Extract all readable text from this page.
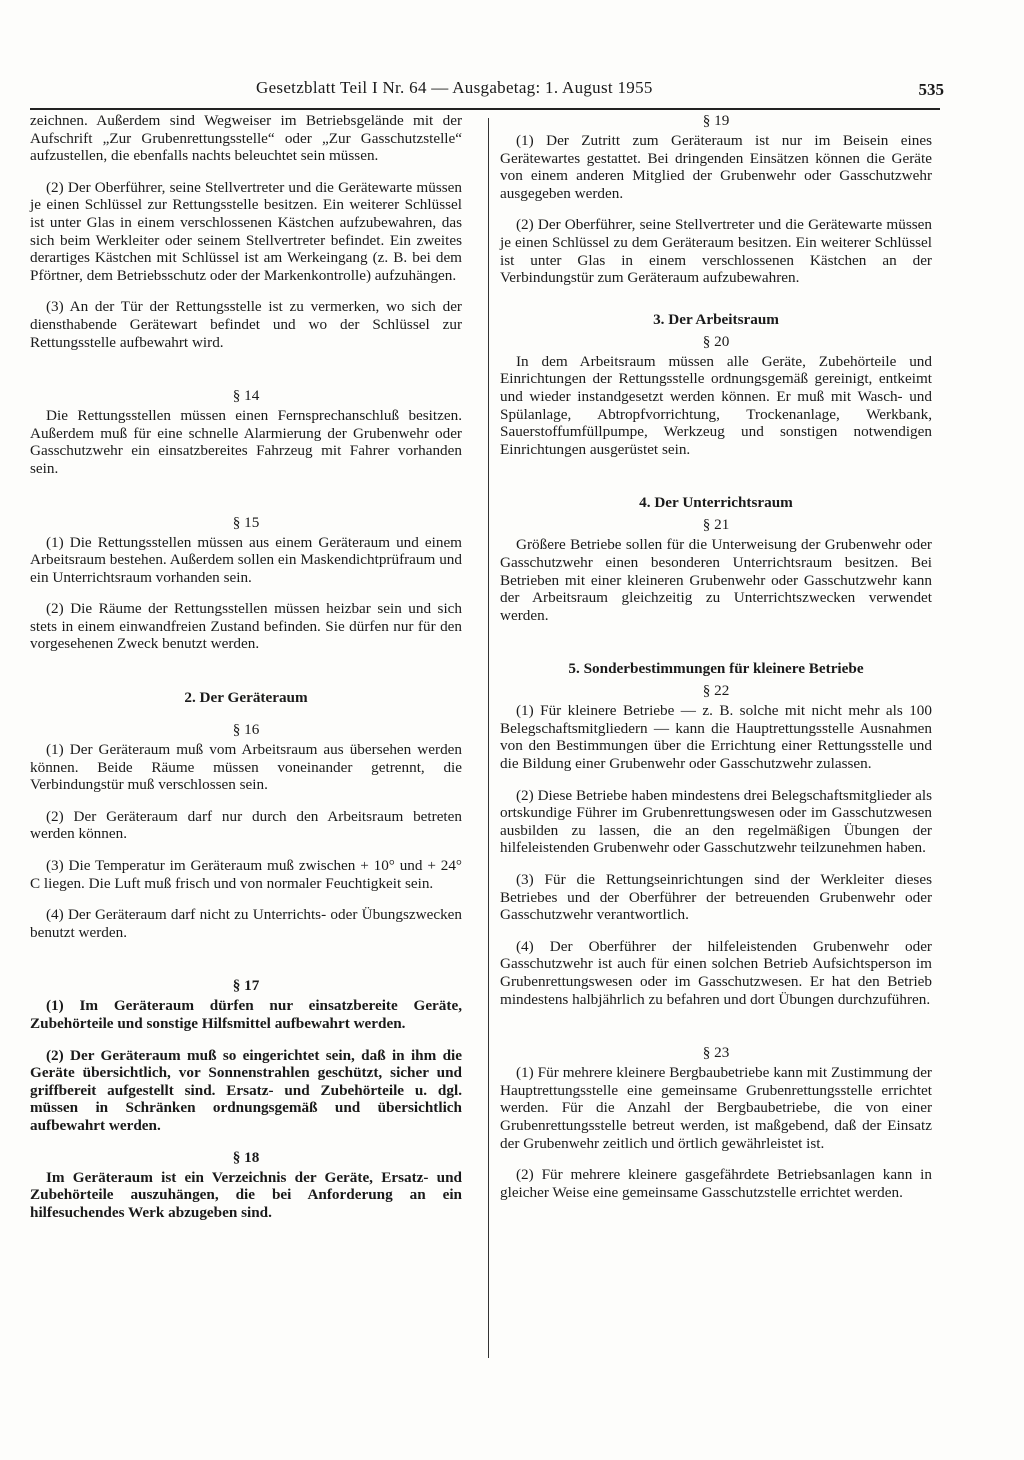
Gesetzblatt Teil I Nr. 64 — Ausgabetag: 1. August 1955	535

zeichnen. Außerdem sind Wegweiser im Betriebsgelände mit der Aufschrift „Zur Grubenrettungsstelle“ oder „Zur Gasschutzstelle“ aufzustellen, die ebenfalls nachts beleuchtet sein müssen.

(2) Der Oberführer, seine Stellvertreter und die Gerätewarte müssen je einen Schlüssel zur Rettungsstelle besitzen. Ein weiterer Schlüssel ist unter Glas in einem verschlossenen Kästchen aufzubewahren, das sich beim Werkleiter oder seinem Stellvertreter befindet. Ein zweites derartiges Kästchen mit Schlüssel ist am Werkeingang (z. B. bei dem Pförtner, dem Betriebsschutz oder der Markenkontrolle) aufzuhängen.

(3) An der Tür der Rettungsstelle ist zu vermerken, wo sich der diensthabende Gerätewart befindet und wo der Schlüssel zur Rettungsstelle aufbewahrt wird.

§ 14

Die Rettungsstellen müssen einen Fernsprechanschluß besitzen. Außerdem muß für eine schnelle Alarmierung der Grubenwehr oder Gasschutzwehr ein einsatzbereites Fahrzeug mit Fahrer vorhanden sein.

§ 15

(1) Die Rettungsstellen müssen aus einem Geräteraum und einem Arbeitsraum bestehen. Außerdem sollen ein Maskendichtprüfraum und ein Unterrichtsraum vorhanden sein.

(2) Die Räume der Rettungsstellen müssen heizbar sein und sich stets in einem einwandfreien Zustand befinden. Sie dürfen nur für den vorgesehenen Zweck benutzt werden.

2. Der Geräteraum
§ 16

(1) Der Geräteraum muß vom Arbeitsraum aus übersehen werden können. Beide Räume müssen voneinander getrennt, die Verbindungstür muß verschlossen sein.

(2) Der Geräteraum darf nur durch den Arbeitsraum betreten werden können.

(3) Die Temperatur im Geräteraum muß zwischen + 10° und + 24° C liegen. Die Luft muß frisch und von normaler Feuchtigkeit sein.

(4) Der Geräteraum darf nicht zu Unterrichts- oder Übungszwecken benutzt werden.

§ 17

(1) Im Geräteraum dürfen nur einsatzbereite Geräte, Zubehörteile und sonstige Hilfsmittel aufbewahrt werden.

(2) Der Geräteraum muß so eingerichtet sein, daß in ihm die Geräte übersichtlich, vor Sonnenstrahlen geschützt, sicher und griffbereit aufgestellt sind. Ersatz- und Zubehörteile u. dgl. müssen in Schränken ordnungsgemäß und übersichtlich aufbewahrt werden.

§ 18

Im Geräteraum ist ein Verzeichnis der Geräte, Ersatz- und Zubehörteile auszuhängen, die bei Anforderung an ein hilfesuchendes Werk abzugeben sind.

§ 19

(1) Der Zutritt zum Geräteraum ist nur im Beisein eines Gerätewartes gestattet. Bei dringenden Einsätzen können die Geräte von einem anderen Mitglied der Grubenwehr oder Gasschutzwehr ausgegeben werden.

(2) Der Oberführer, seine Stellvertreter und die Gerätewarte müssen je einen Schlüssel zu dem Geräteraum besitzen. Ein weiterer Schlüssel ist unter Glas in einem verschlossenen Kästchen an der Verbindungstür zum Geräteraum aufzubewahren.

3. Der Arbeitsraum
§ 20

In dem Arbeitsraum müssen alle Geräte, Zubehörteile und Einrichtungen der Rettungsstelle ordnungsgemäß gereinigt, entkeimt und wieder instandgesetzt werden können. Er muß mit Wasch- und Spülanlage, Abtropfvorrichtung, Trockenanlage, Werkbank, Sauerstoffumfüllpumpe, Werkzeug und sonstigen notwendigen Einrichtungen ausgerüstet sein.

4. Der Unterrichtsraum
§ 21

Größere Betriebe sollen für die Unterweisung der Grubenwehr oder Gasschutzwehr einen besonderen Unterrichtsraum besitzen. Bei Betrieben mit einer kleineren Grubenwehr oder Gasschutzwehr kann der Arbeitsraum gleichzeitig zu Unterrichtszwecken verwendet werden.

5. Sonderbestimmungen für kleinere Betriebe
§ 22

(1) Für kleinere Betriebe — z. B. solche mit nicht mehr als 100 Belegschaftsmitgliedern — kann die Hauptrettungsstelle Ausnahmen von den Bestimmungen über die Errichtung einer Rettungsstelle und die Bildung einer Grubenwehr oder Gasschutzwehr zulassen.

(2) Diese Betriebe haben mindestens drei Belegschaftsmitglieder als ortskundige Führer im Grubenrettungswesen oder im Gasschutzwesen ausbilden zu lassen, die an den regelmäßigen Übungen der hilfeleistenden Grubenwehr oder Gasschutzwehr teilzunehmen haben.

(3) Für die Rettungseinrichtungen sind der Werkleiter dieses Betriebes und der Oberführer der betreuenden Grubenwehr oder Gasschutzwehr verantwortlich.

(4) Der Oberführer der hilfeleistenden Grubenwehr oder Gasschutzwehr ist auch für einen solchen Betrieb Aufsichtsperson im Grubenrettungswesen oder im Gasschutzwesen. Er hat den Betrieb mindestens halbjährlich zu befahren und dort Übungen durchzuführen.

§ 23

(1) Für mehrere kleinere Bergbaubetriebe kann mit Zustimmung der Hauptrettungsstelle eine gemeinsame Grubenrettungsstelle errichtet werden. Für die Anzahl der Bergbaubetriebe, die von einer Grubenrettungsstelle betreut werden, ist maßgebend, daß der Einsatz der Grubenwehr zeitlich und örtlich gewährleistet ist.

(2) Für mehrere kleinere gasgefährdete Betriebsanlagen kann in gleicher Weise eine gemeinsame Gasschutzstelle errichtet werden.
